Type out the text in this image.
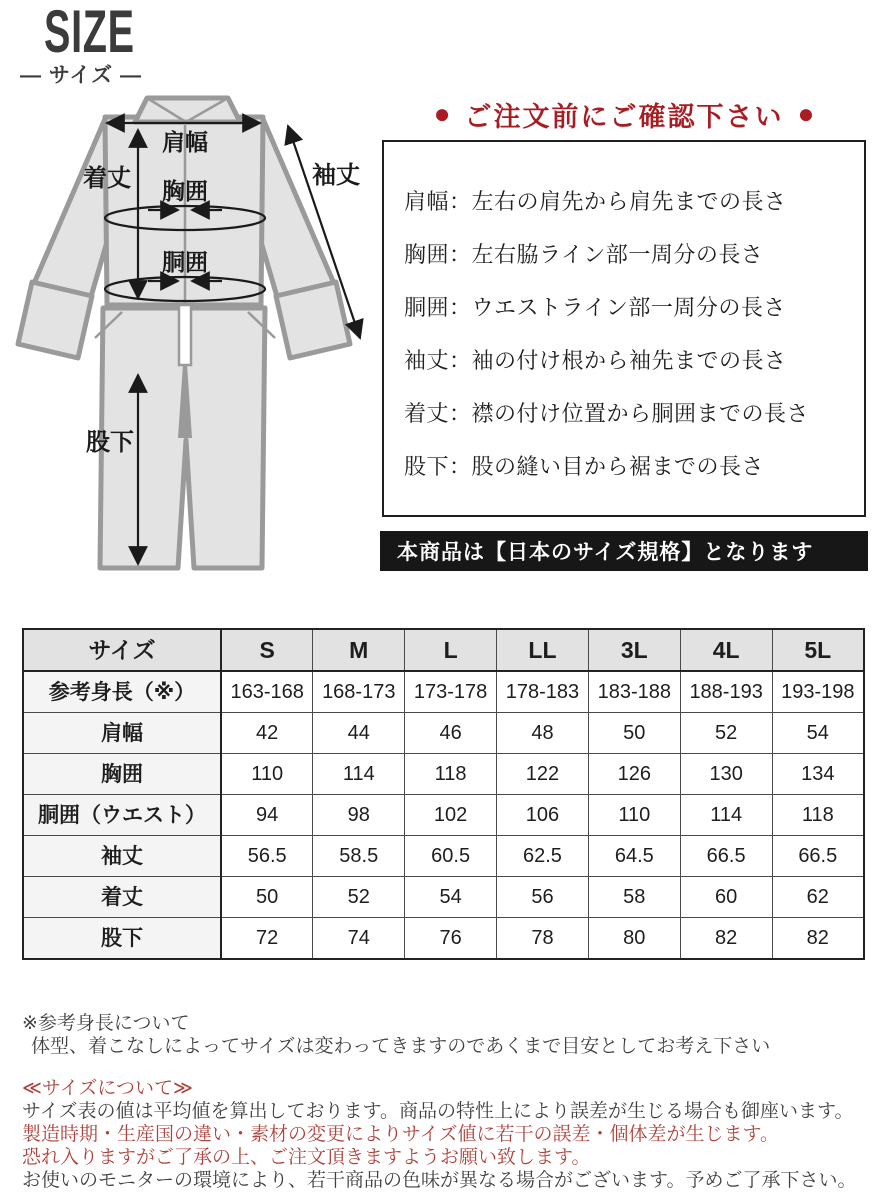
SIZE
— サイズ —
肩幅
着丈 胸囲
胴囲
袖丈
股下
● ご注文前にご確認下さい ●
肩幅：左右の肩先から肩先までの長さ
胸囲：左右脇ライン部一周分の長さ
胴囲：ウエストライン部一周分の長さ
袖丈：袖の付け根から袖先までの長さ
着丈：襟の付け位置から胴囲までの長さ
股下：股の縫い目から裾までの長さ
本商品は【日本のサイズ規格】となります
サイズ	S	M	L	LL	3L	4L	5L
参考身長（※）	163-168	168-173	173-178	178-183	183-188	188-193	193-198
肩幅	42	44	46	48	50	52	54
胸囲	110	114	118	122	126	130	134
胴囲（ウエスト）	94	98	102	106	110	114	118
袖丈	56.5	58.5	60.5	62.5	64.5	66.5	66.5
着丈	50	52	54	56	58	60	62
股下	72	74	76	78	80	82	82
※参考身長について
体型、着こなしによってサイズは変わってきますのであくまで目安としてお考え下さい
≪サイズについて≫
サイズ表の値は平均値を算出しております。商品の特性上により誤差が生じる場合も御座います。
製造時期・生産国の違い・素材の変更によりサイズ値に若干の誤差・個体差が生じます。
恐れ入りますがご了承の上、ご注文頂きますようお願い致します。
お使いのモニターの環境により、若干商品の色味が異なる場合がございます。予めご了承下さい。
